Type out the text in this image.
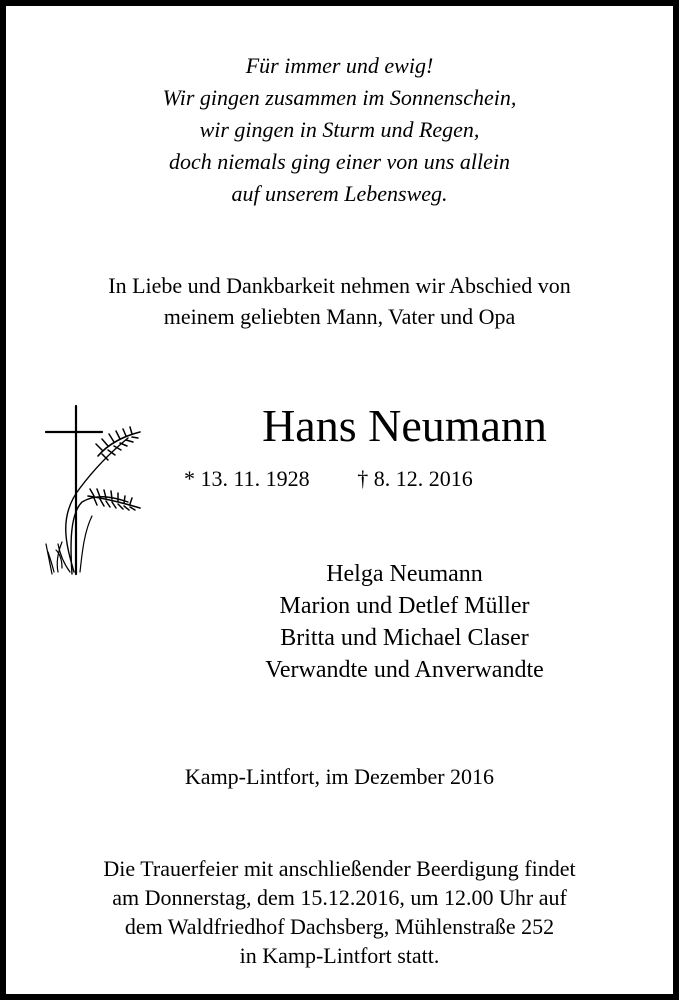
Für immer und ewig!
Wir gingen zusammen im Sonnenschein,
wir gingen in Sturm und Regen,
doch niemals ging einer von uns allein
auf unserem Lebensweg.
In Liebe und Dankbarkeit nehmen wir Abschied von
meinem geliebten Mann, Vater und Opa
Hans Neumann
* 13. 11. 1928 † 8. 12. 2016
Helga Neumann
Marion und Detlef Müller
Britta und Michael Claser
Verwandte und Anverwandte
Kamp-Lintfort, im Dezember 2016
Die Trauerfeier mit anschließender Beerdigung findet
am Donnerstag, dem 15.12.2016, um 12.00 Uhr auf
dem Waldfriedhof Dachsberg, Mühlenstraße 252
in Kamp-Lintfort statt.
